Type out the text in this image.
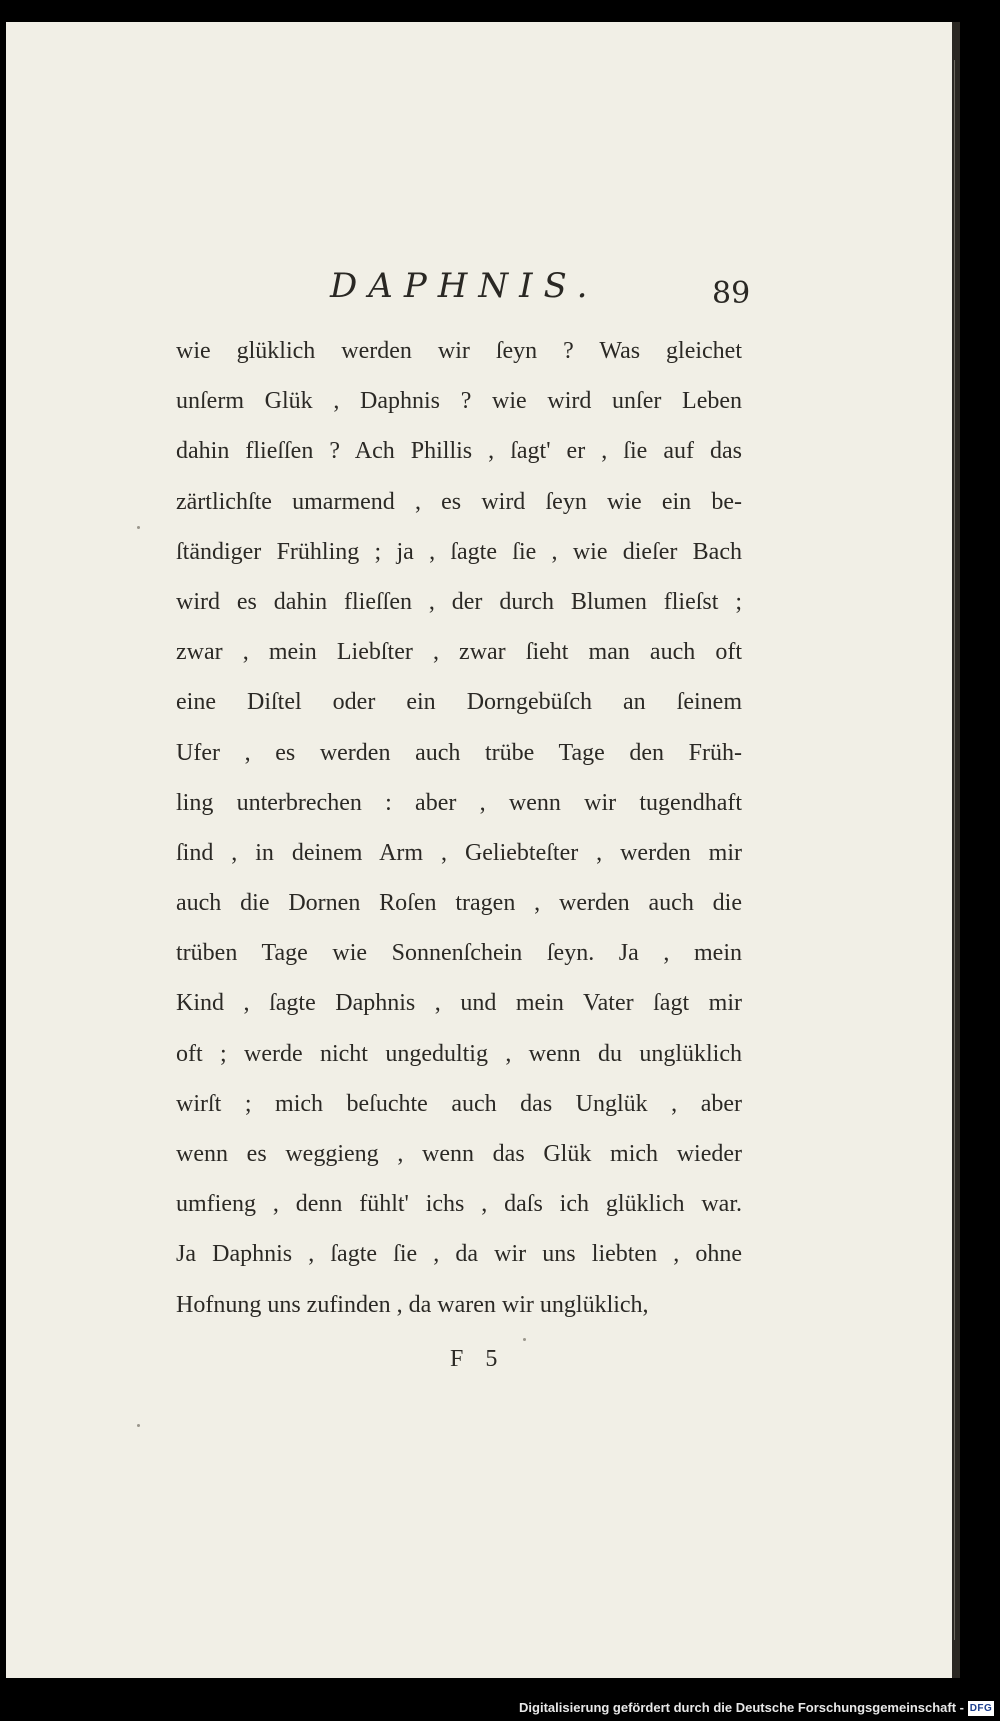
DAPHNIS.	89
wie glüklich werden wir ſeyn ? Was gleichet
unſerm Glük , Daphnis ? wie wird unſer Leben
dahin flieſſen ? Ach Phillis , ſagt' er , ſie auf das
zärtlichſte umarmend , es wird ſeyn wie ein be-
ſtändiger Frühling ; ja , ſagte ſie , wie dieſer Bach
wird es dahin flieſſen , der durch Blumen flieſst ;
zwar , mein Liebſter , zwar ſieht man auch oft
eine Diſtel oder ein Dorngebüſch an ſeinem
Ufer , es werden auch trübe Tage den Früh-
ling unterbrechen : aber , wenn wir tugendhaft
ſind , in deinem Arm , Geliebteſter , werden mir
auch die Dornen Roſen tragen , werden auch die
trüben Tage wie Sonnenſchein ſeyn. Ja , mein
Kind , ſagte Daphnis , und mein Vater ſagt mir
oft ; werde nicht ungedultig , wenn du unglüklich
wirſt ; mich beſuchte auch das Unglük , aber
wenn es weggieng , wenn das Glük mich wieder
umfieng , denn fühlt' ichs , daſs ich glüklich war.
Ja Daphnis , ſagte ſie , da wir uns liebten , ohne
Hofnung uns zufinden , da waren wir unglüklich,
F 5
Digitalisierung gefördert durch die Deutsche Forschungsgemeinschaft - DFG
